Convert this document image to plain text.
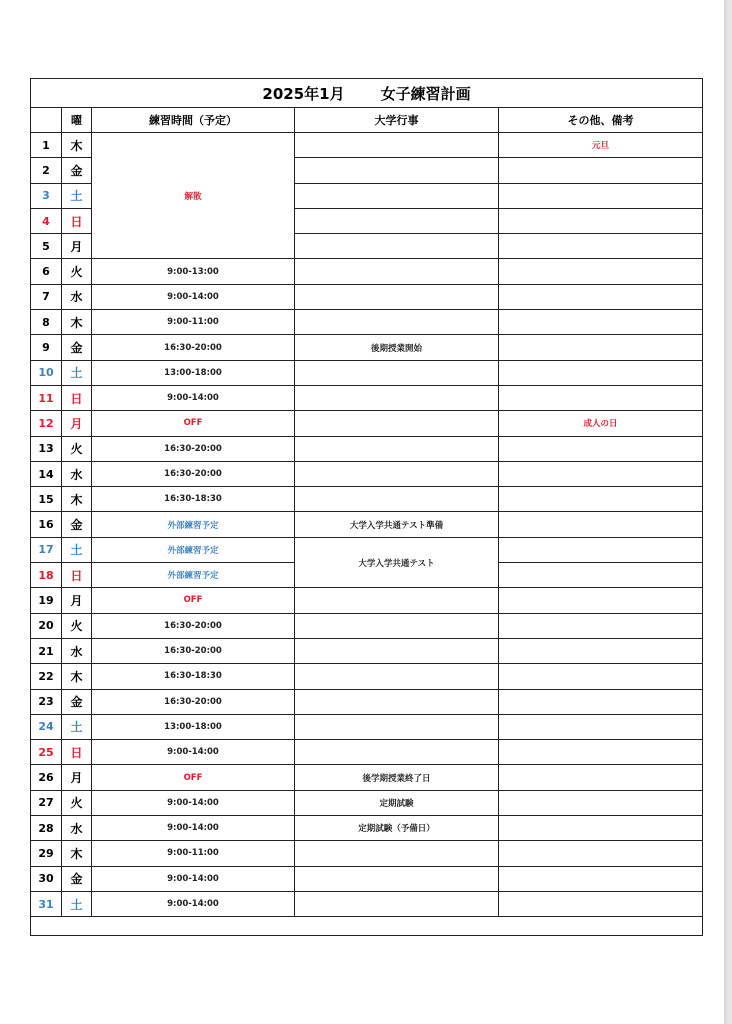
2025年1月 女子練習計画				
	曜	練習時間（予定）	大学行事	その他、備考
1	木	解散		元旦
2	金			
3	土			
4	日			
5	月			
6	火	9:00-13:00		
7	水	9:00-14:00		
8	木	9:00-11:00		
9	金	16:30-20:00	後期授業開始	
10	土	13:00-18:00		
11	日	9:00-14:00		
12	月	OFF		成人の日
13	火	16:30-20:00		
14	水	16:30-20:00		
15	木	16:30-18:30		
16	金	外部練習予定	大学入学共通テスト準備	
17	土	外部練習予定	大学入学共通テスト	
18	日	外部練習予定		
19	月	OFF		
20	火	16:30-20:00		
21	水	16:30-20:00		
22	木	16:30-18:30		
23	金	16:30-20:00		
24	土	13:00-18:00		
25	日	9:00-14:00		
26	月	OFF	後学期授業終了日	
27	火	9:00-14:00	定期試験	
28	水	9:00-14:00	定期試験（予備日）	
29	木	9:00-11:00		
30	金	9:00-14:00		
31	土	9:00-14:00		
